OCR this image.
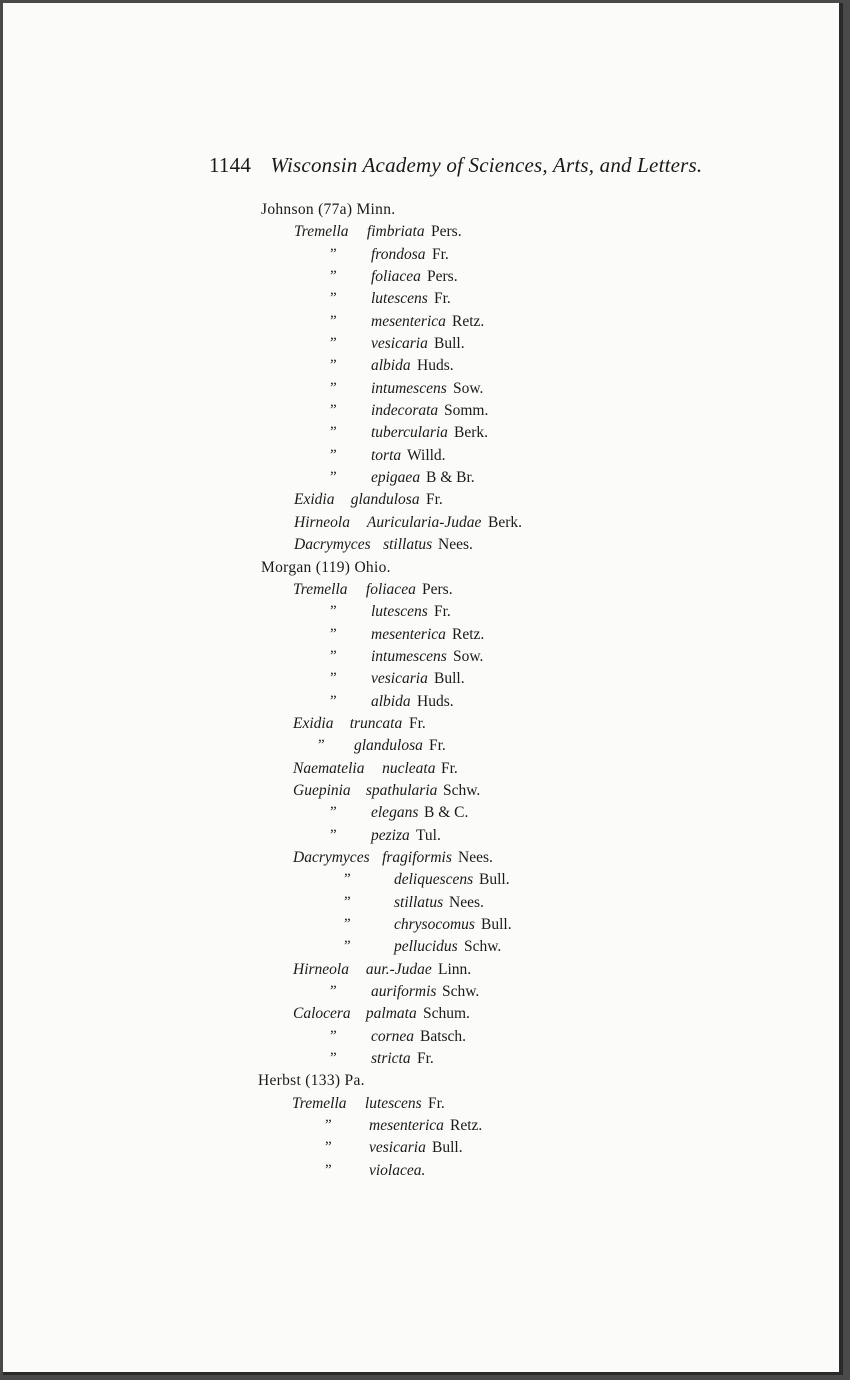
1144 Wisconsin Academy of Sciences, Arts, and Letters.
Johnson (77a) Minn.
Tremella fimbriata Pers.
” frondosa Fr.
” foliacea Pers.
” lutescens Fr.
” mesenterica Retz.
” vesicaria Bull.
” albida Huds.
” intumescens Sow.
” indecorata Somm.
” tubercularia Berk.
” torta Willd.
” epigaea B & Br.
Exidia glandulosa Fr.
Hirneola Auricularia-Judae Berk.
Dacrymyces stillatus Nees.
Morgan (119) Ohio.
Tremella foliacea Pers.
” lutescens Fr.
” mesenterica Retz.
” intumescens Sow.
” vesicaria Bull.
” albida Huds.
Exidia truncata Fr.
” glandulosa Fr.
Naematelia nucleata Fr.
Guepinia spathularia Schw.
” elegans B & C.
” peziza Tul.
Dacrymyces fragiformis Nees.
”	deliquescens Bull.
”	stillatus Nees.
”	chrysocomus Bull.
”	pellucidus Schw.
Hirneola aur.-Judae Linn.
” auriformis Schw.
Calocera palmata Schum.
” cornea Batsch.
” stricta Fr.
Herbst (133) Pa.
Tremella lutescens Fr.
” mesenterica Retz.
” vesicaria Bull.
” violacea.
